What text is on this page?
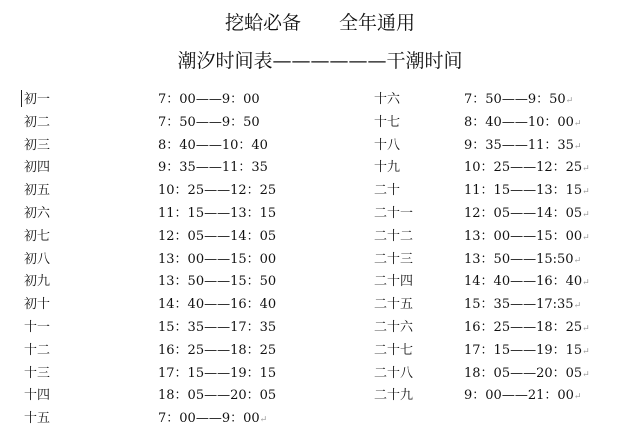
挖蛤必备　　全年通用
潮汐时间表——————干潮时间
初一	7：00——9：00
初二	7：50——9：50
初三	8：40——10：40
初四	9：35——11：35
初五	10：25——12：25
初六	11：15——13：15
初七	12：05——14：05
初八	13：00——15：00
初九	13：50——15：50
初十	14：40——16：40
十一	15：35——17：35
十二	16：25——18：25
十三	17：15——19：15
十四	18：05——20：05
十五	7：00——9：00↵
十六	7：50——9：50↵
十七	8：40——10：00↵
十八	9：35——11：35↵
十九	10：25——12：25↵
二十	11：15——13：15↵
二十一	12：05——14：05↵
二十二	13：00——15：00↵
二十三	13：50——15:50↵
二十四	14：40——16：40↵
二十五	15：35——17:35↵
二十六	16：25——18：25↵
二十七	17：15——19：15↵
二十八	18：05——20：05↵
二十九	9：00——21：00↵
